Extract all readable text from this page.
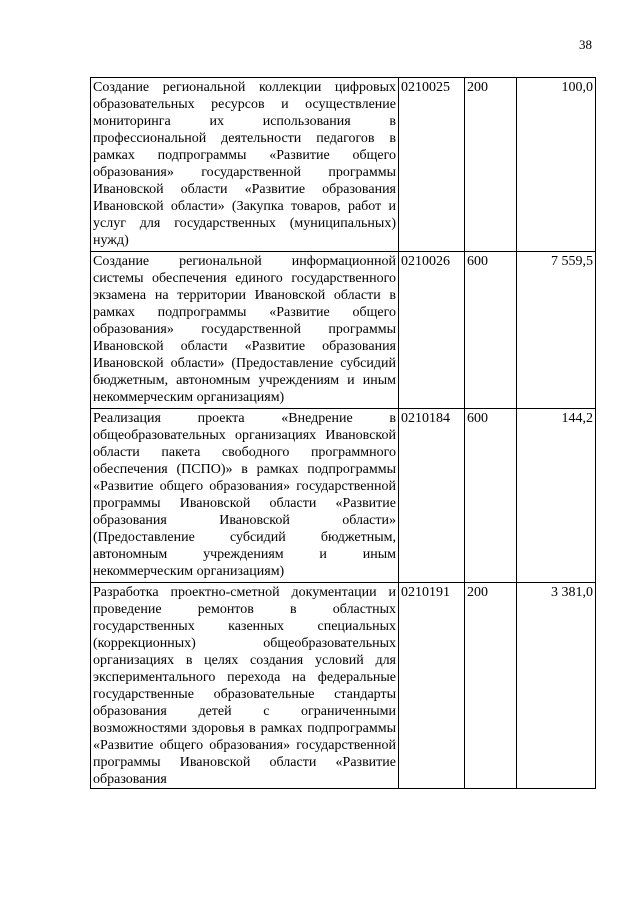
38
Создание региональной коллекции цифровых образовательных ресурсов и осуществление мониторинга их использования в профессиональной деятельности педагогов в рамках подпрограммы «Развитие общего образования» государственной программы Ивановской области «Развитие образования Ивановской области» (Закупка товаров, работ и услуг для государственных (муниципальных) нужд)	0210025	200	100,0
Создание региональной информационной системы обеспечения единого государственного экзамена на территории Ивановской области в рамках подпрограммы «Развитие общего образования» государственной программы Ивановской области «Развитие образования Ивановской области» (Предоставление субсидий бюджетным, автономным учреждениям и иным некоммерческим организациям)	0210026	600	7 559,5
Реализация проекта «Внедрение в общеобразовательных организациях Ивановской области пакета свободного программного обеспечения (ПСПО)» в рамках подпрограммы «Развитие общего образования» государственной программы Ивановской области «Развитие образования Ивановской области» (Предоставление субсидий бюджетным, автономным учреждениям и иным некоммерческим организациям)	0210184	600	144,2
Разработка проектно-сметной документации и проведение ремонтов в областных государственных казенных специальных (коррекционных) общеобразовательных организациях в целях создания условий для экспериментального перехода на федеральные государственные образовательные стандарты образования детей с ограниченными возможностями здоровья в рамках подпрограммы «Развитие общего образования» государственной программы Ивановской области «Развитие образования	0210191	200	3 381,0
